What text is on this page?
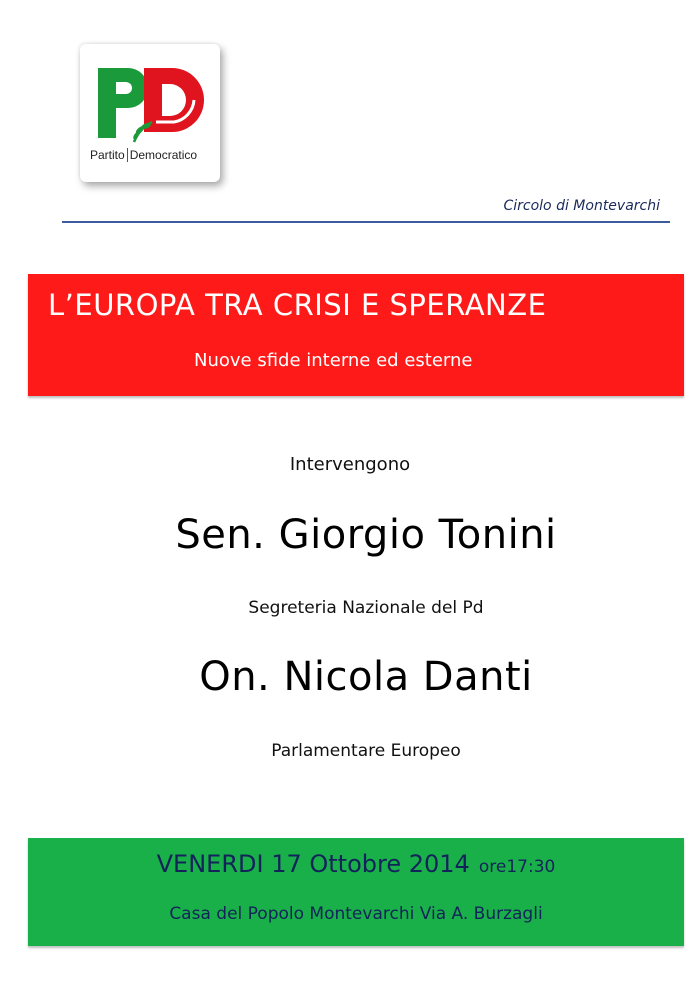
Partito Democratico
Circolo di Montevarchi
L’EUROPA TRA CRISI E SPERANZE
Nuove sfide interne ed esterne
Intervengono
Sen. Giorgio Tonini
Segreteria Nazionale del Pd
On. Nicola Danti
Parlamentare Europeo
VENERDI 17 Ottobre 2014 ore17:30
Casa del Popolo Montevarchi Via A. Burzagli
